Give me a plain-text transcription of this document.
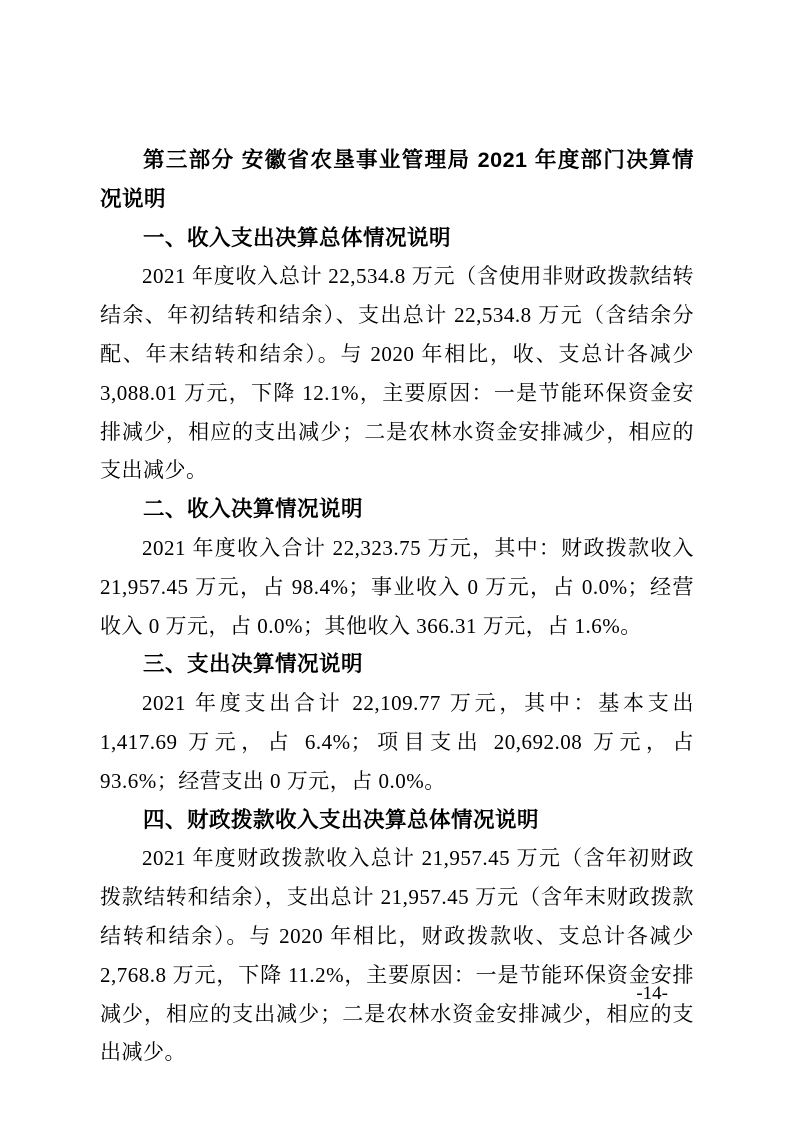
第三部分 安徽省农垦事业管理局 2021 年度部门决算情况说明

一、收入支出决算总体情况说明

2021 年度收入总计 22,534.8 万元（含使用非财政拨款结转结余、年初结转和结余）、支出总计 22,534.8 万元（含结余分配、年末结转和结余）。与 2020 年相比，收、支总计各减少 3,088.01 万元，下降 12.1%，主要原因：一是节能环保资金安排减少，相应的支出减少；二是农林水资金安排减少，相应的支出减少。

二、收入决算情况说明

2021 年度收入合计 22,323.75 万元，其中：财政拨款收入 21,957.45 万元，占 98.4%；事业收入 0 万元，占 0.0%；经营收入 0 万元，占 0.0%；其他收入 366.31 万元，占 1.6%。

三、支出决算情况说明

2021 年度支出合计 22,109.77 万元，其中：基本支出 1,417.69 万元，占 6.4%；项目支出 20,692.08 万元，占 93.6%；经营支出 0 万元，占 0.0%。

四、财政拨款收入支出决算总体情况说明

2021 年度财政拨款收入总计 21,957.45 万元（含年初财政拨款结转和结余），支出总计 21,957.45 万元（含年末财政拨款结转和结余）。与 2020 年相比，财政拨款收、支总计各减少 2,768.8 万元，下降 11.2%，主要原因：一是节能环保资金安排减少，相应的支出减少；二是农林水资金安排减少，相应的支出减少。

-14-
